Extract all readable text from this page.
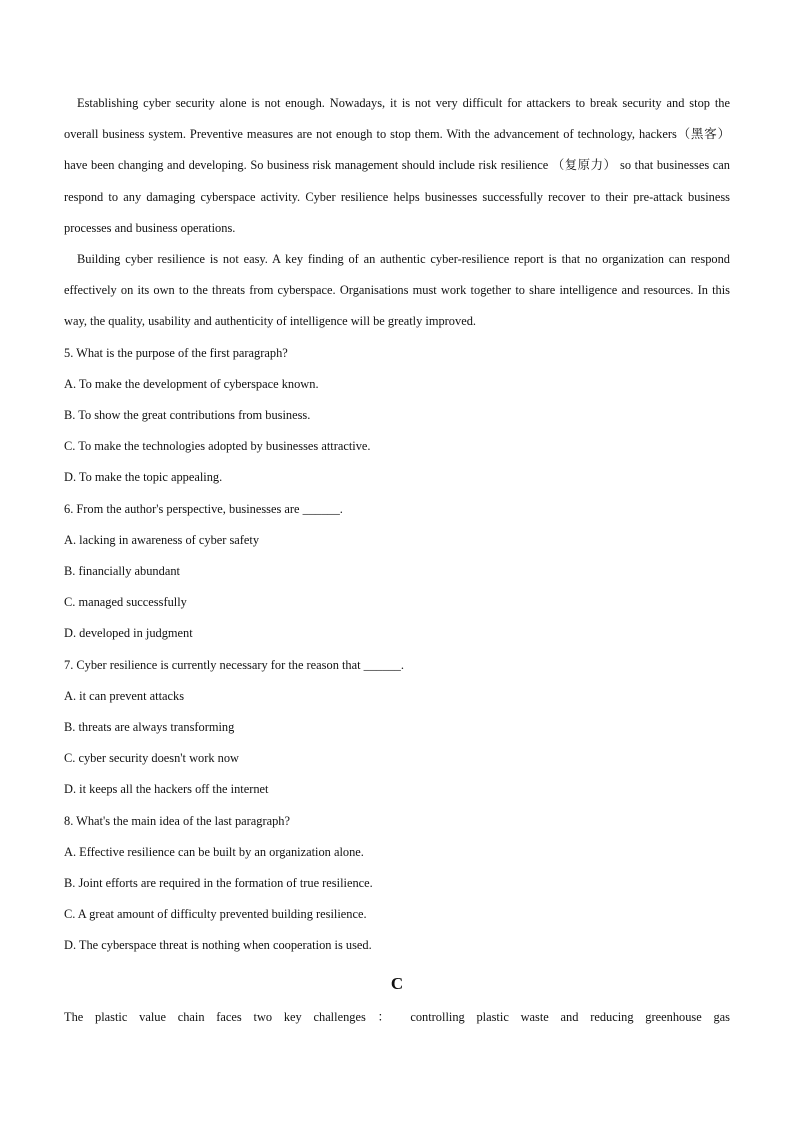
Establishing cyber security alone is not enough. Nowadays, it is not very difficult for attackers to break security and stop the overall business system. Preventive measures are not enough to stop them. With the advancement of technology, hackers（黑客）have been changing and developing. So business risk management should include risk resilience （复原力） so that businesses can respond to any damaging cyberspace activity. Cyber resilience helps businesses successfully recover to their pre-attack business processes and business operations.

Building cyber resilience is not easy. A key finding of an authentic cyber-resilience report is that no organization can respond effectively on its own to the threats from cyberspace. Organisations must work together to share intelligence and resources. In this way, the quality, usability and authenticity of intelligence will be greatly improved.

5. What is the purpose of the first paragraph?

A. To make the development of cyberspace known.

B. To show the great contributions from business.

C. To make the technologies adopted by businesses attractive.

D. To make the topic appealing.

6. From the author's perspective, businesses are ______.

A. lacking in awareness of cyber safety

B. financially abundant

C. managed successfully

D. developed in judgment

7. Cyber resilience is currently necessary for the reason that ______.

A. it can prevent attacks

B. threats are always transforming

C. cyber security doesn't work now

D. it keeps all the hackers off the internet

8. What's the main idea of the last paragraph?

A. Effective resilience can be built by an organization alone.

B. Joint efforts are required in the formation of true resilience.

C. A great amount of difficulty prevented building resilience.

D. The cyberspace threat is nothing when cooperation is used.

C

The plastic value chain faces two key challenges ： controlling plastic waste and reducing greenhouse gas
